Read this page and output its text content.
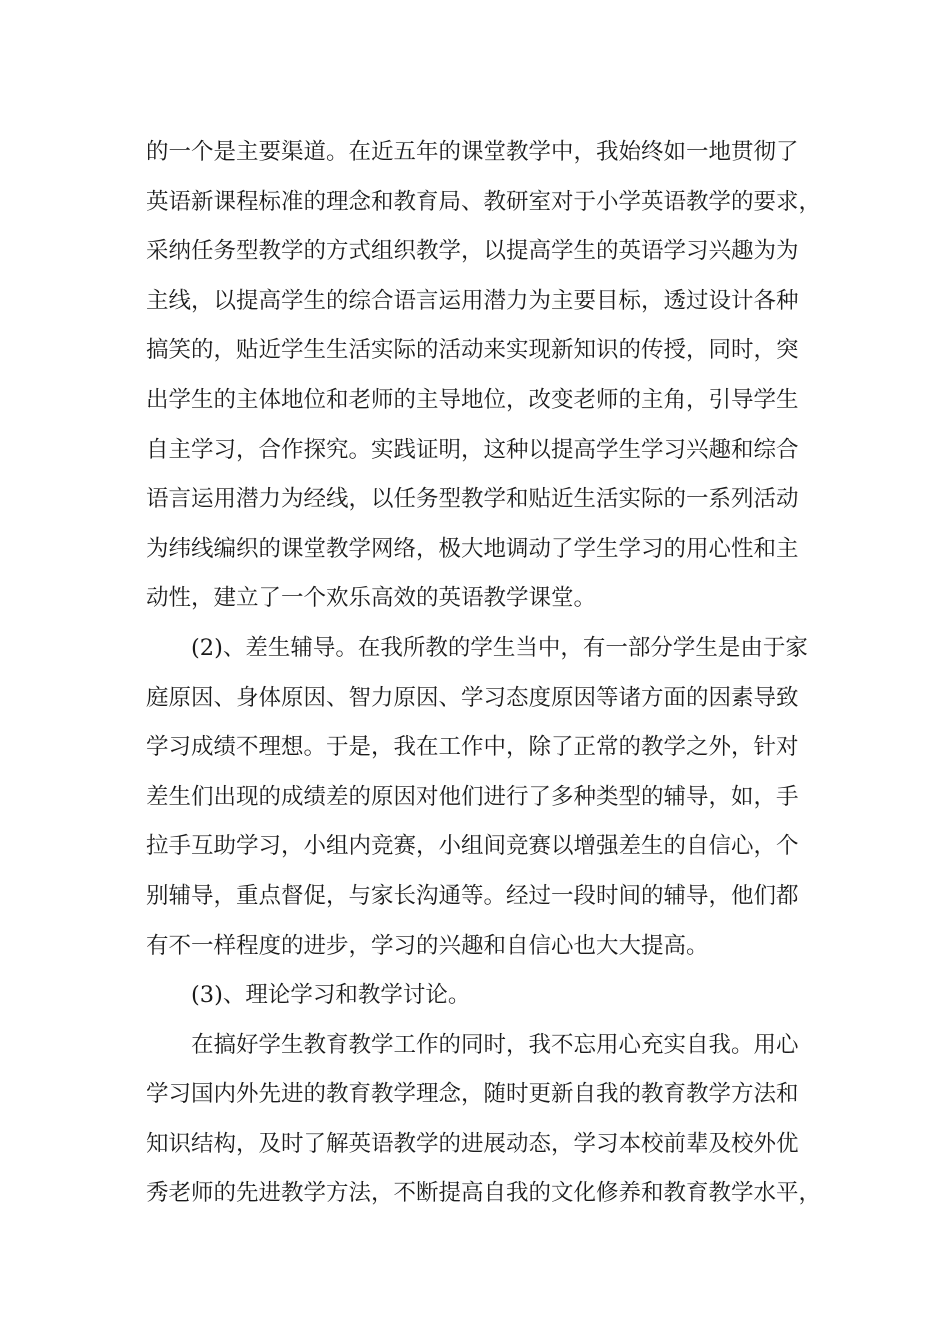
的一个是主要渠道。在近五年的课堂教学中，我始终如一地贯彻了
英语新课程标准的理念和教育局、教研室对于小学英语教学的要求，
采纳任务型教学的方式组织教学，以提高学生的英语学习兴趣为为
主线，以提高学生的综合语言运用潜力为主要目标，透过设计各种
搞笑的，贴近学生生活实际的活动来实现新知识的传授，同时，突
出学生的主体地位和老师的主导地位，改变老师的主角，引导学生
自主学习，合作探究。实践证明，这种以提高学生学习兴趣和综合
语言运用潜力为经线，以任务型教学和贴近生活实际的一系列活动
为纬线编织的课堂教学网络，极大地调动了学生学习的用心性和主
动性，建立了一个欢乐高效的英语教学课堂。
(2)、差生辅导。在我所教的学生当中，有一部分学生是由于家
庭原因、身体原因、智力原因、学习态度原因等诸方面的因素导致
学习成绩不理想。于是，我在工作中，除了正常的教学之外，针对
差生们出现的成绩差的原因对他们进行了多种类型的辅导，如，手
拉手互助学习，小组内竞赛，小组间竞赛以增强差生的自信心，个
别辅导，重点督促，与家长沟通等。经过一段时间的辅导，他们都
有不一样程度的进步，学习的兴趣和自信心也大大提高。
(3)、理论学习和教学讨论。
在搞好学生教育教学工作的同时，我不忘用心充实自我。用心
学习国内外先进的教育教学理念，随时更新自我的教育教学方法和
知识结构，及时了解英语教学的进展动态，学习本校前辈及校外优
秀老师的先进教学方法，不断提高自我的文化修养和教育教学水平，
